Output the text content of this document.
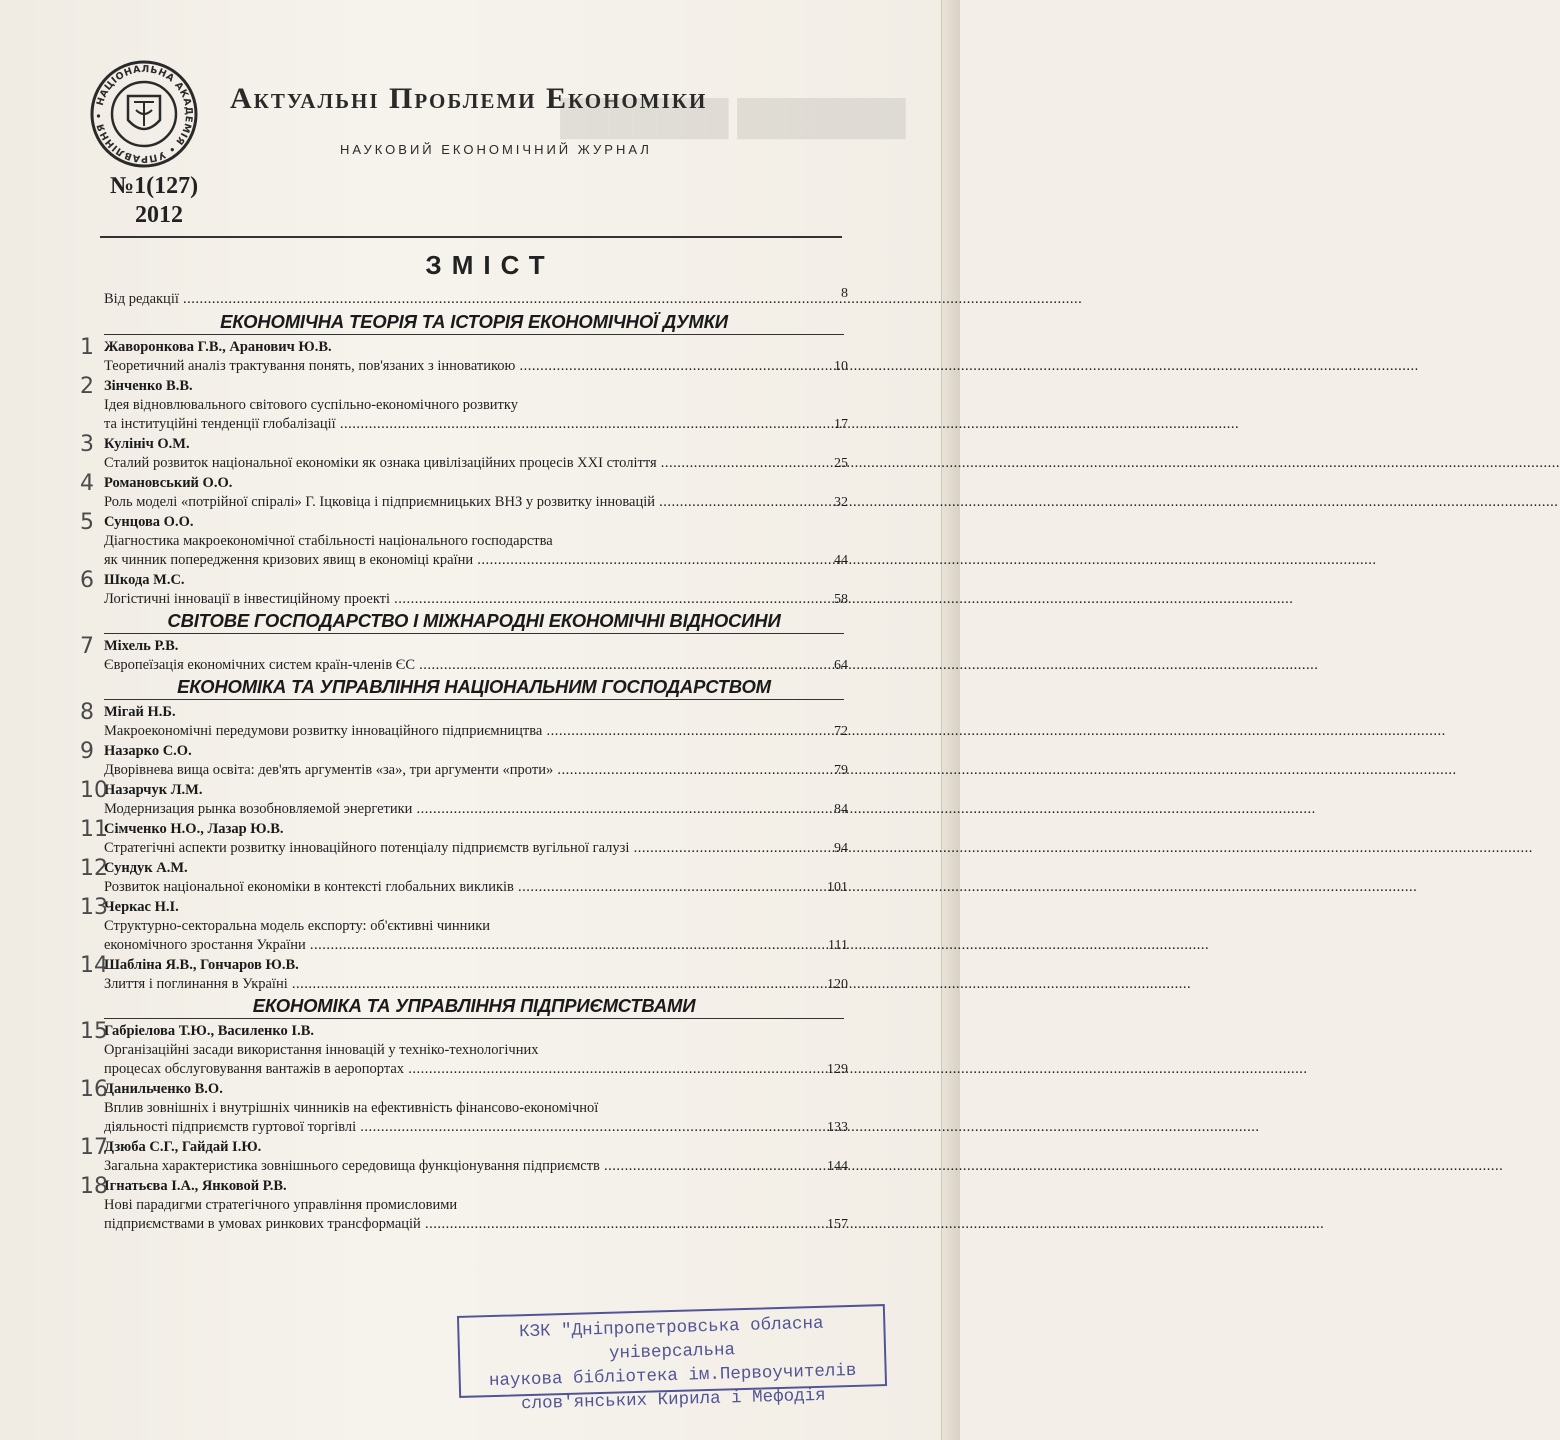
███████ ███████
НАЦІОНАЛЬНА АКАДЕМІЯ • УПРАВЛІННЯ •
Актуальні Проблеми Економіки
НАУКОВИЙ ЕКОНОМІЧНИЙ ЖУРНАЛ
№1(127)
2012
ЗМІСТ
Від редакції .....	8
ЕКОНОМІЧНА ТЕОРІЯ ТА ІСТОРІЯ ЕКОНОМІЧНОЇ ДУМКИ
1 Жаворонкова Г.В., Аранович Ю.В.
Теоретичний аналіз трактування понять, пов'язаних з інноватикою .....	10
2 Зінченко В.В.
Ідея відновлювального світового суспільно-економічного розвитку
та інституційні тенденції глобалізації .....	17
3 Кулініч О.М.
Сталий розвиток національної економіки як ознака цивілізаційних процесів XXI століття .....	25
4 Романовський О.О.
Роль моделі «потрійної спіралі» Г. Іцковіца і підприємницьких ВНЗ у розвитку інновацій .....	32
5 Сунцова О.О.
Діагностика макроекономічної стабільності національного господарства
як чинник попередження кризових явищ в економіці країни .....	44
6 Шкода М.С.
Логістичні інновації в інвестиційному проекті .....	58
СВІТОВЕ ГОСПОДАРСТВО І МІЖНАРОДНІ ЕКОНОМІЧНІ ВІДНОСИНИ
7 Міхель Р.В.
Європеїзація економічних систем країн-членів ЄС .....	64
ЕКОНОМІКА ТА УПРАВЛІННЯ НАЦІОНАЛЬНИМ ГОСПОДАРСТВОМ
8 Мігай Н.Б.
Макроекономічні передумови розвитку інноваційного підприємництва .....	72
9 Назарко С.О.
Дворівнева вища освіта: дев'ять аргументів «за», три аргументи «проти» .....	79
10
Назарчук Л.М.
Модернизация рынка возобновляемой энергетики .....	84
11
Сімченко Н.О., Лазар Ю.В.
Стратегічні аспекти розвитку інноваційного потенціалу підприємств вугільної галузі .....	94
12
Сундук А.М.
Розвиток національної економіки в контексті глобальних викликів .....	101
13
Черкас Н.І.
Структурно-секторальна модель експорту: об'єктивні чинники
економічного зростання України .....	111
14
Шабліна Я.В., Гончаров Ю.В.
Злиття і поглинання в Україні .....	120
ЕКОНОМІКА ТА УПРАВЛІННЯ ПІДПРИЄМСТВАМИ
15
Габріелова Т.Ю., Василенко І.В.
Організаційні засади використання інновацій у техніко-технологічних
процесах обслуговування вантажів в аеропортах .....	129
16
Данильченко В.О.
Вплив зовнішніх і внутрішніх чинників на ефективність фінансово-економічної
діяльності підприємств гуртової торгівлі .....	133
17
Дзюба С.Г., Гайдай І.Ю.
Загальна характеристика зовнішнього середовища функціонування підприємств .....	144
18
Ігнатьєва І.А., Янковой Р.В.
Нові парадигми стратегічного управління промисловими
підприємствами в умовах ринкових трансформацій .....	157
КЗК "Дніпропетровська обласна універсальна
наукова бібліотека ім.Первоучителів
слов'янських Кирила і Мефодія
